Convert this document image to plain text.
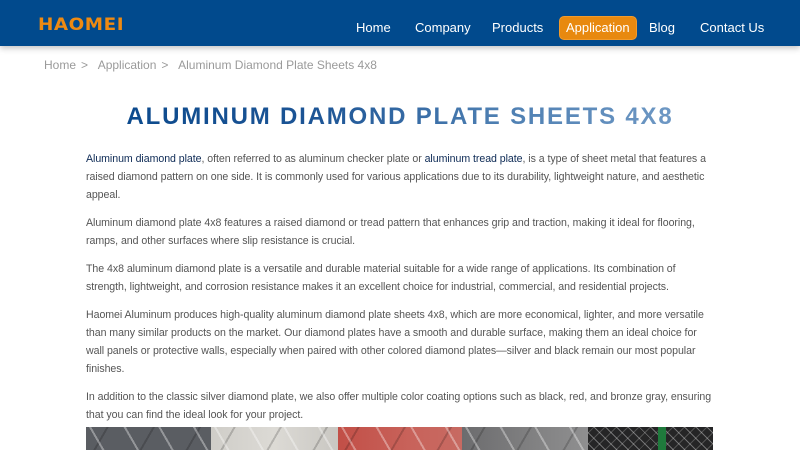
HAOMEI	Home Company Products	Application	Blog Contact Us
Home > Application > Aluminum Diamond Plate Sheets 4x8
ALUMINUM DIAMOND PLATE SHEETS 4X8

Aluminum diamond plate, often referred to as aluminum checker plate or aluminum tread plate, is a type of sheet metal that features a raised diamond pattern on one side. It is commonly used for various applications due to its durability, lightweight nature, and aesthetic appeal.

Aluminum diamond plate 4x8 features a raised diamond or tread pattern that enhances grip and traction, making it ideal for flooring, ramps, and other surfaces where slip resistance is crucial.

The 4x8 aluminum diamond plate is a versatile and durable material suitable for a wide range of applications. Its combination of strength, lightweight, and corrosion resistance makes it an excellent choice for industrial, commercial, and residential projects.

Haomei Aluminum produces high-quality aluminum diamond plate sheets 4x8, which are more economical, lighter, and more versatile than many similar products on the market. Our diamond plates have a smooth and durable surface, making them an ideal choice for wall panels or protective walls, especially when paired with other colored diamond plates—silver and black remain our most popular finishes.

In addition to the classic silver diamond plate, we also offer multiple color coating options such as black, red, and bronze gray, ensuring that you can find the ideal look for your project.
